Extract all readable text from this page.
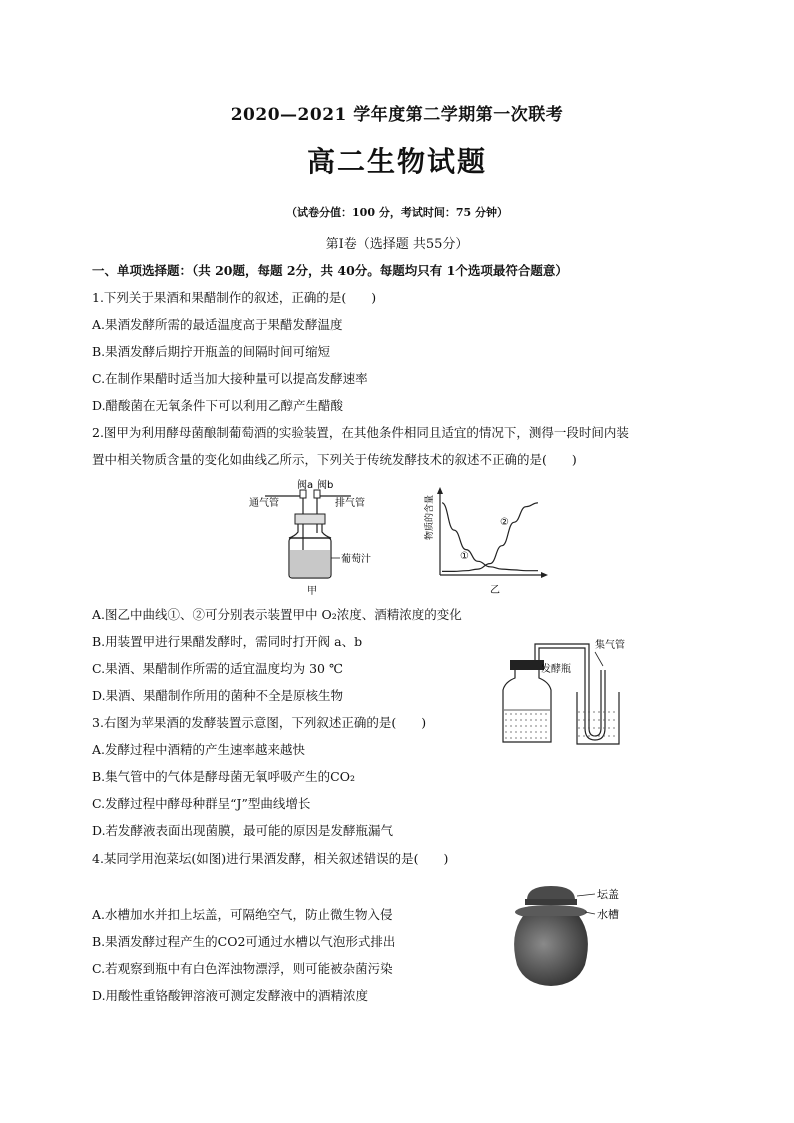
2020—2021 学年度第二学期第一次联考
高二生物试题
（试卷分值：100 分，考试时间：75 分钟）
第Ⅰ卷（选择题 共55分）
一、单项选择题：（共 20题，每题 2分，共 40分。每题均只有 1个选项最符合题意）
1.下列关于果酒和果醋制作的叙述，正确的是(　　)
A.果酒发酵所需的最适温度高于果醋发酵温度
B.果酒发酵后期拧开瓶盖的间隔时间可缩短
C.在制作果醋时适当加大接种量可以提高发酵速率
D.醋酸菌在无氧条件下可以利用乙醇产生醋酸
2.图甲为利用酵母菌酿制葡萄酒的实验装置，在其他条件相同且适宜的情况下，测得一段时间内装
置中相关物质含量的变化如曲线乙所示，下列关于传统发酵技术的叙述不正确的是(　　)
通气管	排气管
阀a 阀b
葡萄汁
甲
物质的含量
①
②
乙
A.图乙中曲线①、②可分别表示装置甲中 O₂浓度、酒精浓度的变化
B.用装置甲进行果醋发酵时，需同时打开阀 a、b
C.果酒、果醋制作所需的适宜温度均为 30 ℃
D.果酒、果醋制作所用的菌种不全是原核生物
3.右图为苹果酒的发酵装置示意图，下列叙述正确的是(　　)
集气管
发酵瓶
A.发酵过程中酒精的产生速率越来越快
B.集气管中的气体是酵母菌无氧呼吸产生的CO₂
C.发酵过程中酵母种群呈“J”型曲线增长
D.若发酵液表面出现菌膜，最可能的原因是发酵瓶漏气
4.某同学用泡菜坛(如图)进行果酒发酵，相关叙述错误的是(　　)
坛盖
水槽
A.水槽加水并扣上坛盖，可隔绝空气，防止微生物入侵
B.果酒发酵过程产生的CO2可通过水槽以气泡形式排出
C.若观察到瓶中有白色浑浊物漂浮，则可能被杂菌污染
D.用酸性重铬酸钾溶液可测定发酵液中的酒精浓度
